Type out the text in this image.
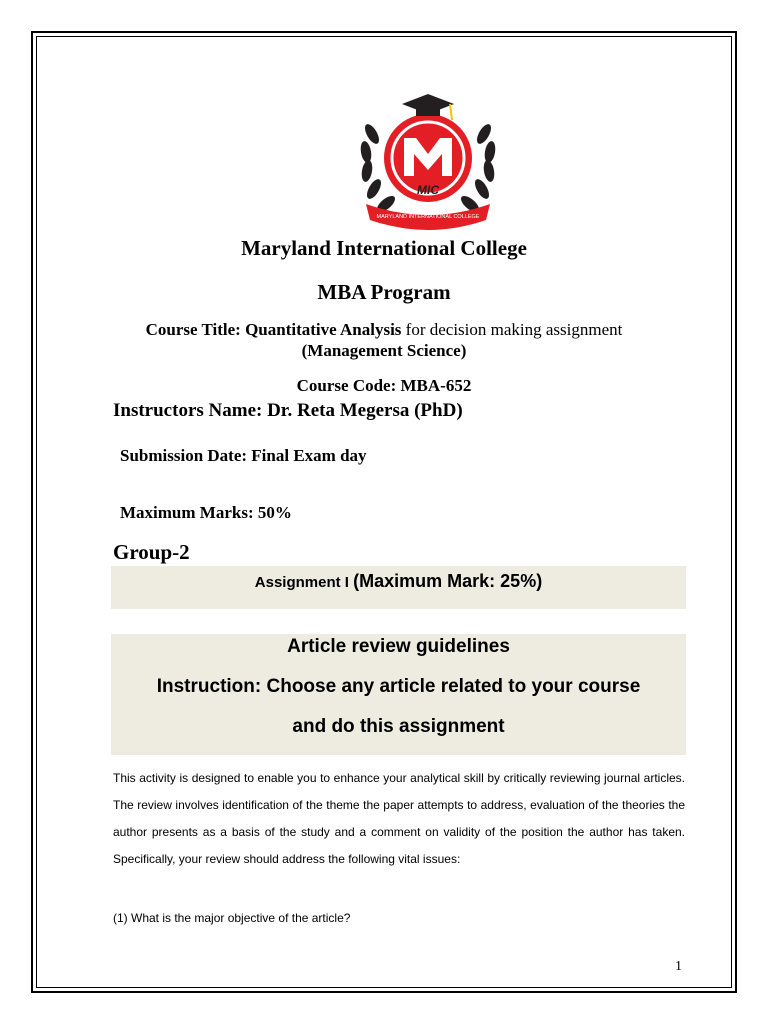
MIC
MARYLAND INTERNATIONAL COLLEGE
Maryland International College
MBA Program
Course Title: Quantitative Analysis for decision making assignment
(Management Science)
Course Code: MBA-652
Instructors Name: Dr. Reta Megersa (PhD)
Submission Date: Final Exam day
Maximum Marks: 50%
Group-2
Assignment I (Maximum Mark: 25%)
Article review guidelines
Instruction: Choose any article related to your course
and do this assignment
This activity is designed to enable you to enhance your analytical skill by critically reviewing journal articles. The review involves identification of the theme the paper attempts to address, evaluation of the theories the author presents as a basis of the study and a comment on validity of the position the author has taken. Specifically, your review should address the following vital issues:
(1) What is the major objective of the article?
1
